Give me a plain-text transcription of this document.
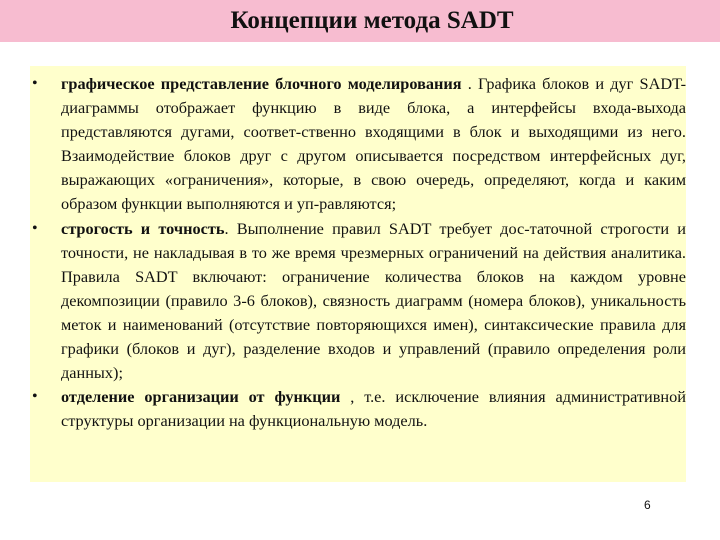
Концепции метода SADT
• графическое представление блочного моделирования . Графика блоков и дуг SADT-диаграммы отображает функцию в виде блока, а интерфейсы входа-выхода представляются дугами, соответ-ственно входящими в блок и выходящими из него. Взаимодействие блоков друг с другом описывается посредством интерфейсных дуг, выражающих «ограничения», которые, в свою очередь, определяют, когда и каким образом функции выполняются и уп-равляются;
• строгость и точность. Выполнение правил SADT требует дос-таточной строгости и точности, не накладывая в то же время чрезмерных ограничений на действия аналитика. Правила SADT включают: ограничение количества блоков на каждом уровне декомпозиции (правило 3-6 блоков), связность диаграмм (номера блоков), уникальность меток и наименований (отсутствие повторяющихся имен), синтаксические правила для графики (блоков и дуг), разделение входов и управлений (правило определения роли данных);
• отделение организации от функции , т.е. исключение влияния административной структуры организации на функциональную модель.
6
